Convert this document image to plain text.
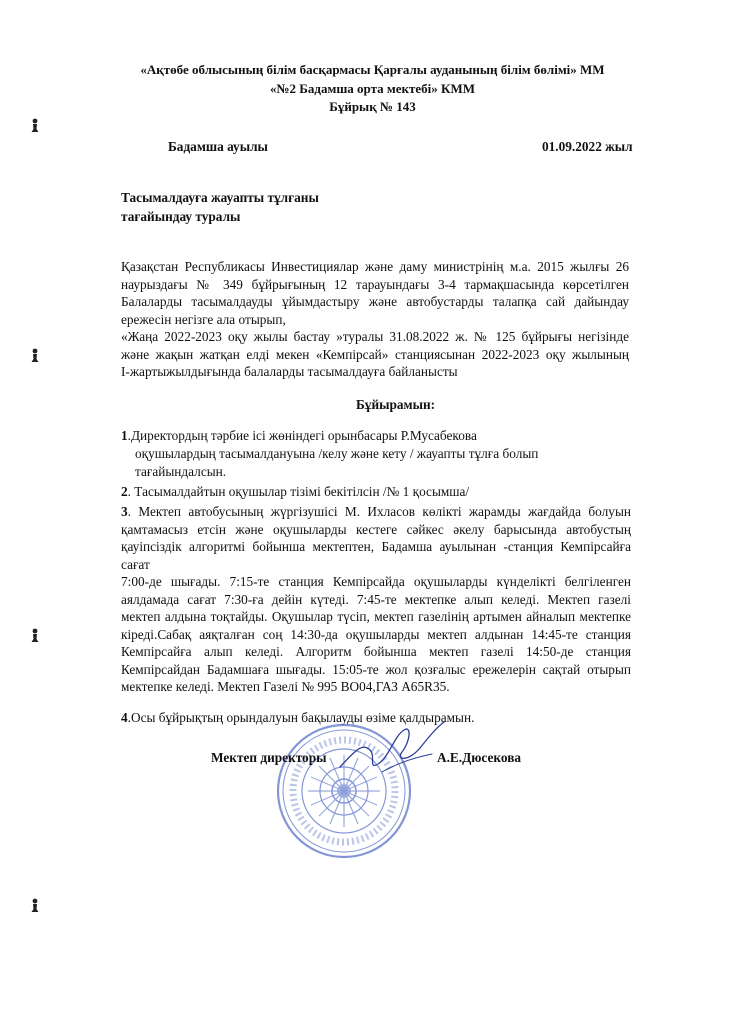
«Ақтөбе облысының білім басқармасы Қарғалы ауданының білім бөлімі» ММ
«№2 Бадамша орта мектебі» КММ
Бұйрық № 143
Бадамша ауылы	01.09.2022 жыл
Тасымалдауға жауапты тұлғаны
тағайындау туралы
Қазақстан Республикасы Инвестициялар және даму министрінің м.а. 2015 жылғы 26
наурыздағы № 349 бұйрығының 12 тарауындағы 3-4 тармақшасында көрсетілген
Балаларды тасымалдауды ұйымдастыру және автобустарды талапқа сай дайындау
ережесін негізге ала отырып,
«Жаңа 2022-2023 оқу жылы бастау »туралы 31.08.2022 ж. № 125 бұйрығы негізінде
және жақын жатқан елді мекен «Кемпірсай» станциясынан 2022-2023 оқу жылының
І-жартыжылдығында балаларды тасымалдауға байланысты
Бұйырамын:
1.Директордың тәрбие ісі жөніндегі орынбасары Р.Мусабекова
оқушылардың тасымалдануына /келу және кету / жауапты тұлға болып
тағайындалсын.
2. Тасымалдайтын оқушылар тізімі бекітілсін /№ 1 қосымша/
3. Мектеп автобусының жүргізушісі М. Ихласов көлікті жарамды жағдайда болуын
қамтамасыз етсін және оқушыларды кестеге сәйкес әкелу барысында автобустың
қауіпсіздік алгоритмі бойынша мектептен, Бадамша ауылынан -станция Кемпірсайға сағат
7:00-де шығады. 7:15-те станция Кемпірсайда оқушыларды күнделікті белгіленген
аялдамада сағат 7:30-ға дейін күтеді. 7:45-те мектепке алып келеді. Мектеп газелі
мектеп алдына тоқтайды. Оқушылар түсіп, мектеп газелінің артымен айналып мектепке
кіреді.Сабақ аяқталған соң 14:30-да оқушыларды мектеп алдынан 14:45-те станция
Кемпірсайға алып келеді. Алгоритм бойынша мектеп газелі 14:50-де станция
Кемпірсайдан Бадамшаға шығады. 15:05-те жол қозғалыс ережелерін сақтай отырып
мектепке келеді. Мектеп Газелі № 995 ВО04,ГАЗ А65R35.
4.Осы бұйрықтың орындалуын бақылауды өзіме қалдырамын.
Мектеп директоры	А.Е.Дюсекова
